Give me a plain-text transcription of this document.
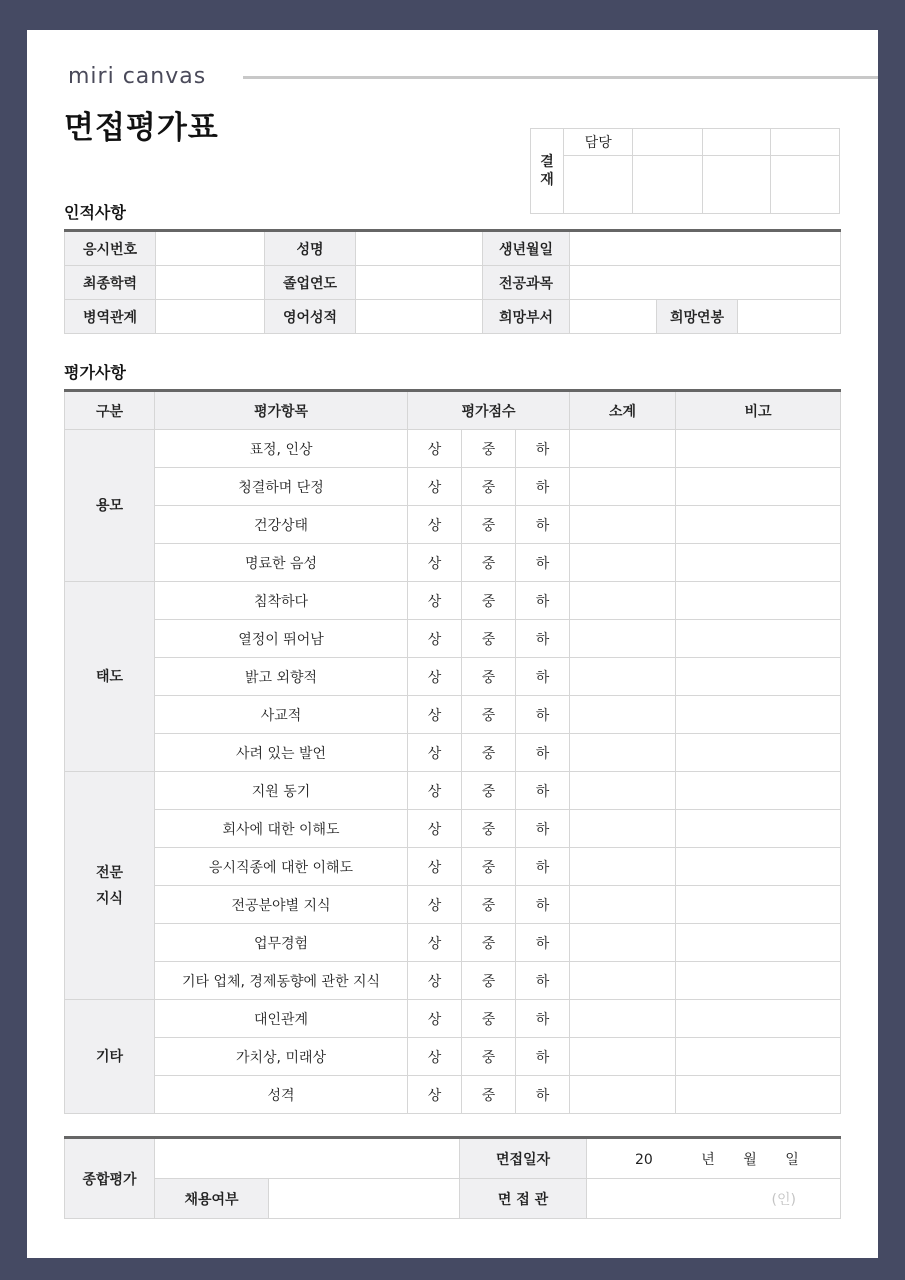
miri canvas
면접평가표
결재	담당			

인적사항
응시번호		성명		생년월일			
최종학력		졸업연도		전공과목			
병역관계		영어성적		희망부서		희망연봉	
평가사항
구분	평가항목	평가점수			소계	비고
용모	표정, 인상	상	중	하		
	청결하며 단정	상	중	하		
	건강상태	상	중	하		
	명료한 음성	상	중	하		
태도	침착하다	상	중	하		
	열정이 뛰어남	상	중	하		
	밝고 외향적	상	중	하		
	사교적	상	중	하		
	사려 있는 발언	상	중	하		
전문 지식	지원 동기	상	중	하		
	회사에 대한 이해도	상	중	하		
	응시직종에 대한 이해도	상	중	하		
	전공분야별 지식	상	중	하		
	업무경험	상	중	하		
	기타 업체, 경제동향에 관한 지식	상	중	하		
기타	대인관계	상	중	하		
	가치상, 미래상	상	중	하		
	성격	상	중	하		
종합평가			면접일자	20 년 월 일
	채용여부		면 접 관	(인)
